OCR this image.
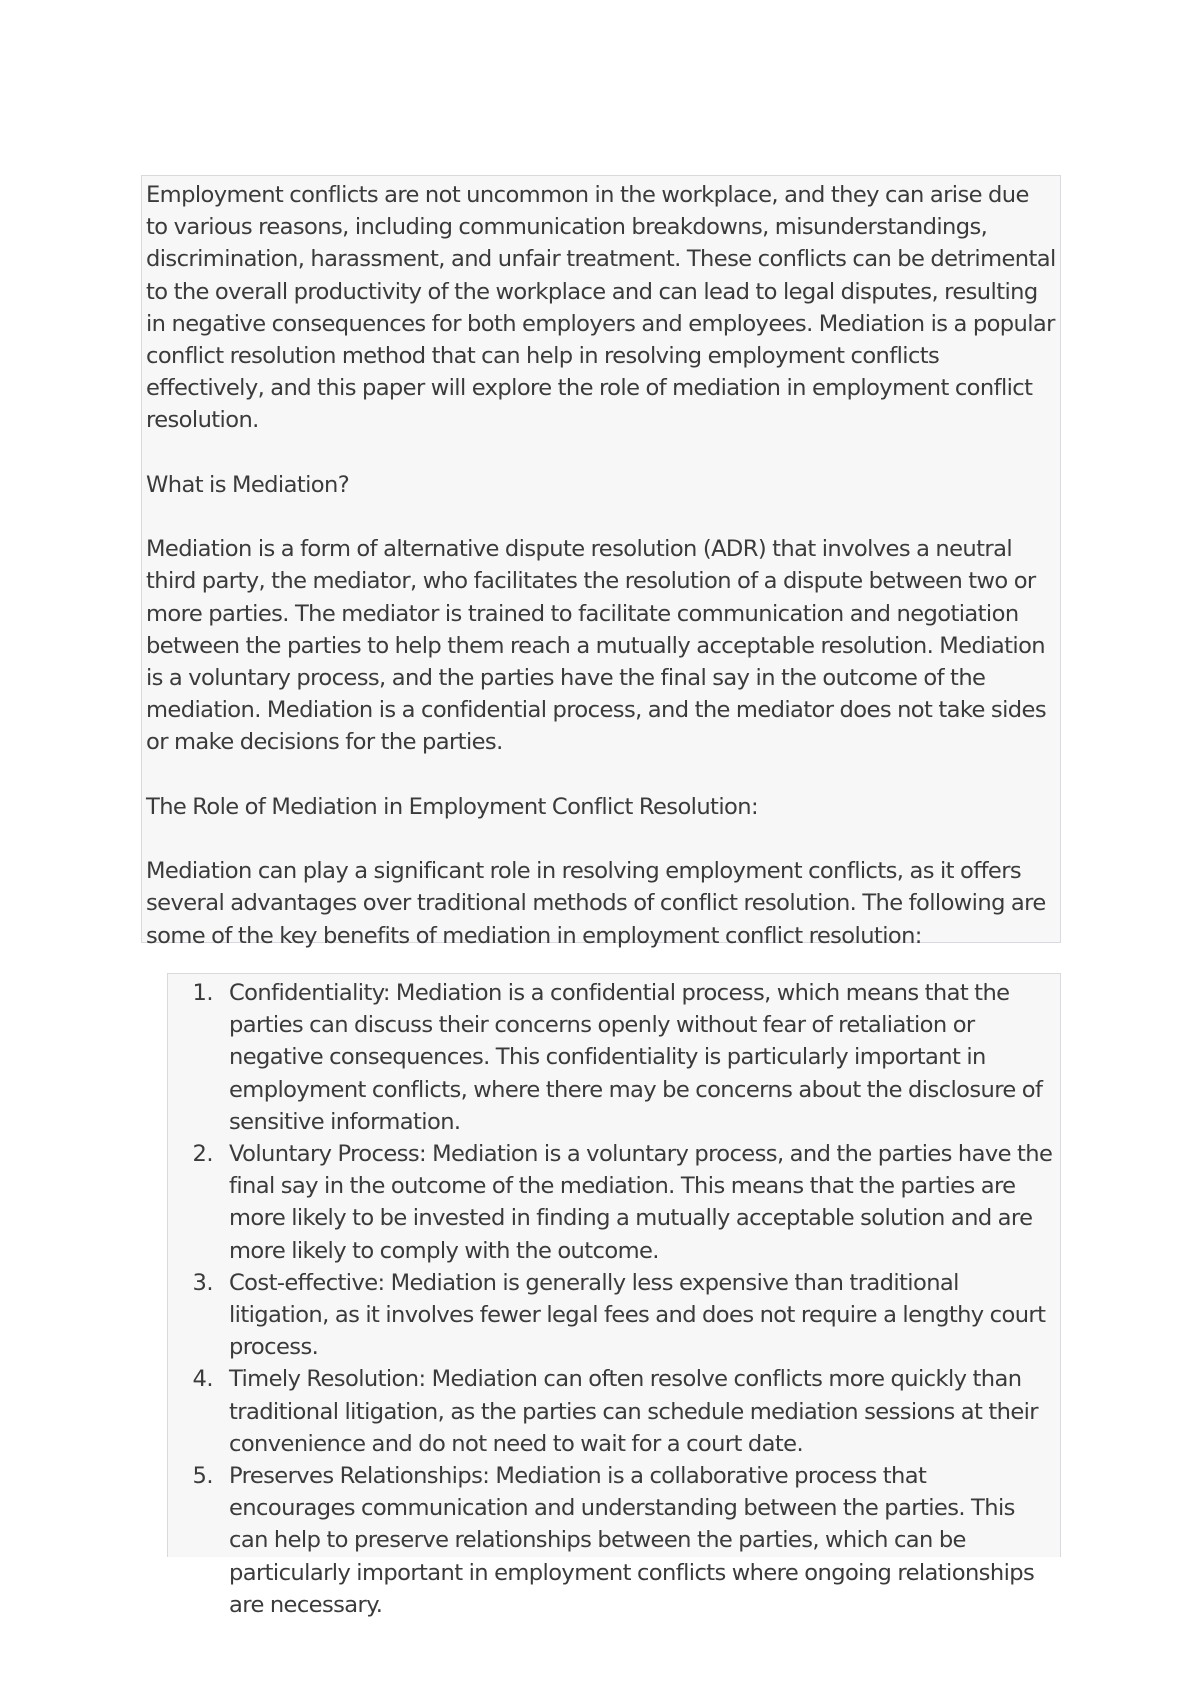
Employment conflicts are not uncommon in the workplace, and they can arise due to various reasons, including communication breakdowns, misunderstandings, discrimination, harassment, and unfair treatment. These conflicts can be detrimental to the overall productivity of the workplace and can lead to legal disputes, resulting in negative consequences for both employers and employees. Mediation is a popular conflict resolution method that can help in resolving employment conflicts effectively, and this paper will explore the role of mediation in employment conflict resolution.

What is Mediation?

Mediation is a form of alternative dispute resolution (ADR) that involves a neutral third party, the mediator, who facilitates the resolution of a dispute between two or more parties. The mediator is trained to facilitate communication and negotiation between the parties to help them reach a mutually acceptable resolution. Mediation is a voluntary process, and the parties have the final say in the outcome of the mediation. Mediation is a confidential process, and the mediator does not take sides or make decisions for the parties.

The Role of Mediation in Employment Conflict Resolution:

Mediation can play a significant role in resolving employment conflicts, as it offers several advantages over traditional methods of conflict resolution. The following are some of the key benefits of mediation in employment conflict resolution:

1. Confidentiality: Mediation is a confidential process, which means that the parties can discuss their concerns openly without fear of retaliation or negative consequences. This confidentiality is particularly important in employment conflicts, where there may be concerns about the disclosure of sensitive information.
2. Voluntary Process: Mediation is a voluntary process, and the parties have the final say in the outcome of the mediation. This means that the parties are more likely to be invested in finding a mutually acceptable solution and are more likely to comply with the outcome.
3. Cost-effective: Mediation is generally less expensive than traditional litigation, as it involves fewer legal fees and does not require a lengthy court process.
4. Timely Resolution: Mediation can often resolve conflicts more quickly than traditional litigation, as the parties can schedule mediation sessions at their convenience and do not need to wait for a court date.
5. Preserves Relationships: Mediation is a collaborative process that encourages communication and understanding between the parties. This can help to preserve relationships between the parties, which can be particularly important in employment conflicts where ongoing relationships are necessary.
